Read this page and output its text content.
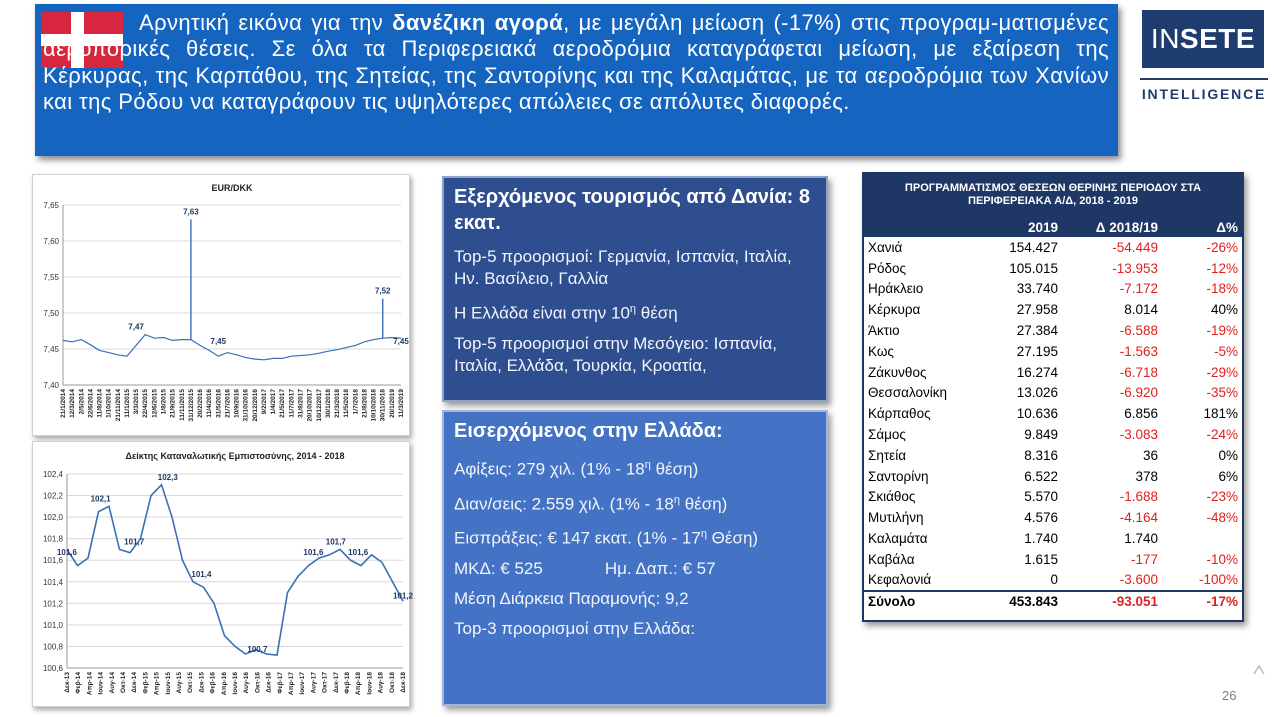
Αρνητική εικόνα για την δανέζικη αγορά, με μεγάλη μείωση (-17%) στις προγραμ-ματισμένες αεροπορικές θέσεις. Σε όλα τα Περιφερειακά αεροδρόμια καταγράφεται μείωση, με εξαίρεση της Κέρκυρας, της Καρπάθου, της Σητείας, της Σαντορίνης και της Καλαμάτας, με τα αεροδρόμια των Χανίων και της Ρόδου να καταγράφουν τις υψηλότερες απώλειες σε απόλυτες διαφορές.
INSETE
INTELLIGENCE
EUR/DKK
7,40
7,45
7,50
7,55
7,60
7,65
21/1/2014 12/3/2014 2/5/2014 22/6/2014 11/8/2014 1/10/2014 21/11/2014 11/1/2015 3/3/2015 22/4/2015 12/6/2015 1/8/2015 21/9/2015 11/11/2015 31/12/2015 20/2/2016 11/4/2016 31/5/2016 21/7/2016 10/9/2016 31/10/2016 20/12/2016 9/2/2017 1/4/2017 21/5/2017 11/7/2017 31/8/2017 20/10/2017 10/12/2017 30/1/2018 21/3/2018 11/5/2018 1/7/2018 21/8/2018 10/10/2018 30/11/2018 20/1/2019 11/3/2019
7,63
7,47
7,45
7,52
7,45
Δείκτης Καταναλωτικής Εμπιστοσύνης, 2014 - 2018
100,6
100,8
101,0
101,2
101,4
101,6
101,8
102,0
102,2
102,4
Δεκ-13 Φεβ-14 Απρ-14 Ιουν-14 Αυγ-14 Οκτ-14 Δεκ-14 Φεβ-15 Απρ-15 Ιουν-15 Αυγ-15 Οκτ-15 Δεκ-15 Φεβ-16 Απρ-16 Ιουν-16 Αυγ-16 Οκτ-16 Δεκ-16 Φεβ-17 Απρ-17 Ιουν-17 Αυγ-17 Οκτ-17 Δεκ-17 Φεβ-18 Απρ-18 Ιουν-18 Αυγ-18 Οκτ-18 Δεκ-18
101,6
102,1
101,7
102,3
101,4
100,7
101,6
101,7
101,6
101,2
Εξερχόμενος τουρισμός από Δανία: 8 εκατ.

Top-5 προορισμοί: Γερμανία, Ισπανία, Ιταλία, Ην. Βασίλειο, Γαλλία

Η Ελλάδα είναι στην $10^\eta$ θέση

Top-5 προορισμοί στην Μεσόγειο: Ισπανία, Ιταλία, Ελλάδα, Τουρκία, Κροατία,

Εισερχόμενος στην Ελλάδα:

Αφίξεις: 279 χιλ. ($1\% - 18^\eta$ θέση)

Διαν/σεις: 2.559 χιλ. ($1\% - 18^\eta$ θέση)

Εισπράξεις: € 147 εκατ. ($1\% - 17^\eta$ Θέση)

ΜΚΔ: € 525	Ημ. Δαπ.: € 57

Μέση Διάρκεια Παραμονής: 9,2

Top-3 προορισμοί στην Ελλάδα:

ΠΡΟΓΡΑΜΜΑΤΙΣΜΟΣ ΘΕΣΕΩΝ ΘΕΡΙΝΗΣ ΠΕΡΙΟΔΟΥ ΣΤΑ ΠΕΡΙΦΕΡΕΙΑΚΑ Α/Δ, 2018 - 2019
	2019	Δ 2018/19	Δ%
Χανιά	154.427	-54.449	-26%
Ρόδος	105.015	-13.953	-12%
Ηράκλειο	33.740	-7.172	-18%
Κέρκυρα	27.958	8.014	40%
Άκτιο	27.384	-6.588	-19%
Κως	27.195	-1.563	-5%
Ζάκυνθος	16.274	-6.718	-29%
Θεσσαλονίκη	13.026	-6.920	-35%
Κάρπαθος	10.636	6.856	181%
Σάμος	9.849	-3.083	-24%
Σητεία	8.316	36	0%
Σαντορίνη	6.522	378	6%
Σκιάθος	5.570	-1.688	-23%
Μυτιλήνη	4.576	-4.164	-48%
Καλαμάτα	1.740	1.740	
Καβάλα	1.615	-177	-10%
Κεφαλονιά	0	-3.600	-100%
Σύνολο	453.843	-93.051	-17%
26
